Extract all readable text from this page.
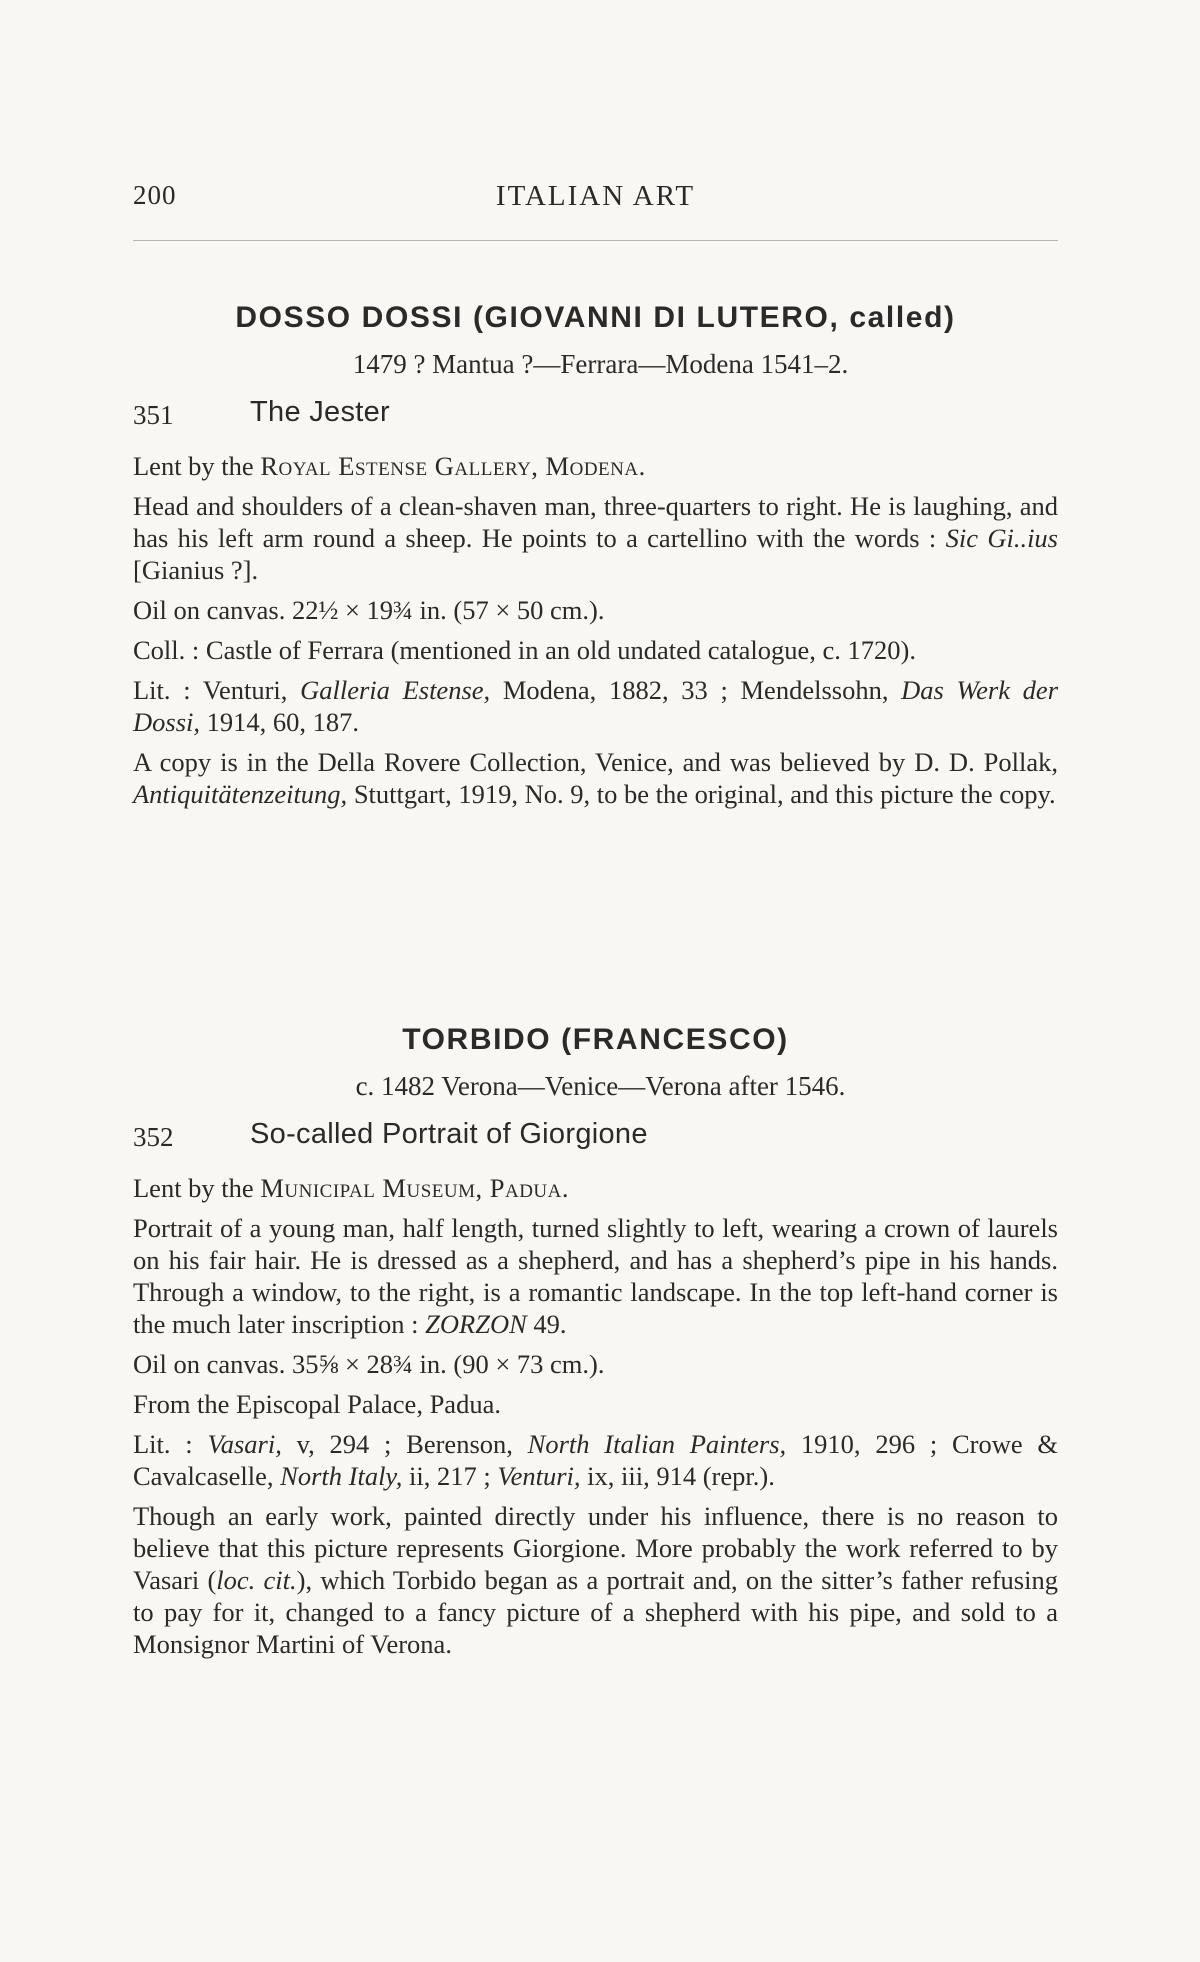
200	ITALIAN ART
DOSSO DOSSI (GIOVANNI DI LUTERO, called)

1479 ? Mantua ?—Ferrara—Modena 1541–2.

351	The Jester

Lent by the Royal Estense Gallery, Modena.

Head and shoulders of a clean-shaven man, three-quarters to right. He is laughing, and has his left arm round a sheep. He points to a cartellino with the words : Sic Gi..ius [Gianius ?].

Oil on canvas. 22½ × 19¾ in. (57 × 50 cm.).

Coll. : Castle of Ferrara (mentioned in an old undated catalogue, c. 1720).

Lit. : Venturi, Galleria Estense, Modena, 1882, 33 ; Mendelssohn, Das Werk der Dossi, 1914, 60, 187.

A copy is in the Della Rovere Collection, Venice, and was believed by D. D. Pollak, Antiquitätenzeitung, Stuttgart, 1919, No. 9, to be the original, and this picture the copy.

TORBIDO (FRANCESCO)

c. 1482 Verona—Venice—Verona after 1546.

352	So-called Portrait of Giorgione

Lent by the Municipal Museum, Padua.

Portrait of a young man, half length, turned slightly to left, wearing a crown of laurels on his fair hair. He is dressed as a shepherd, and has a shepherd’s pipe in his hands. Through a window, to the right, is a romantic landscape. In the top left-hand corner is the much later inscription : ZORZON 49.

Oil on canvas. 35⅝ × 28¾ in. (90 × 73 cm.).

From the Episcopal Palace, Padua.

Lit. : Vasari, v, 294 ; Berenson, North Italian Painters, 1910, 296 ; Crowe & Cavalcaselle, North Italy, ii, 217 ; Venturi, ix, iii, 914 (repr.).

Though an early work, painted directly under his influence, there is no reason to believe that this picture represents Giorgione. More probably the work referred to by Vasari (loc. cit.), which Torbido began as a portrait and, on the sitter’s father refusing to pay for it, changed to a fancy picture of a shepherd with his pipe, and sold to a Monsignor Martini of Verona.
